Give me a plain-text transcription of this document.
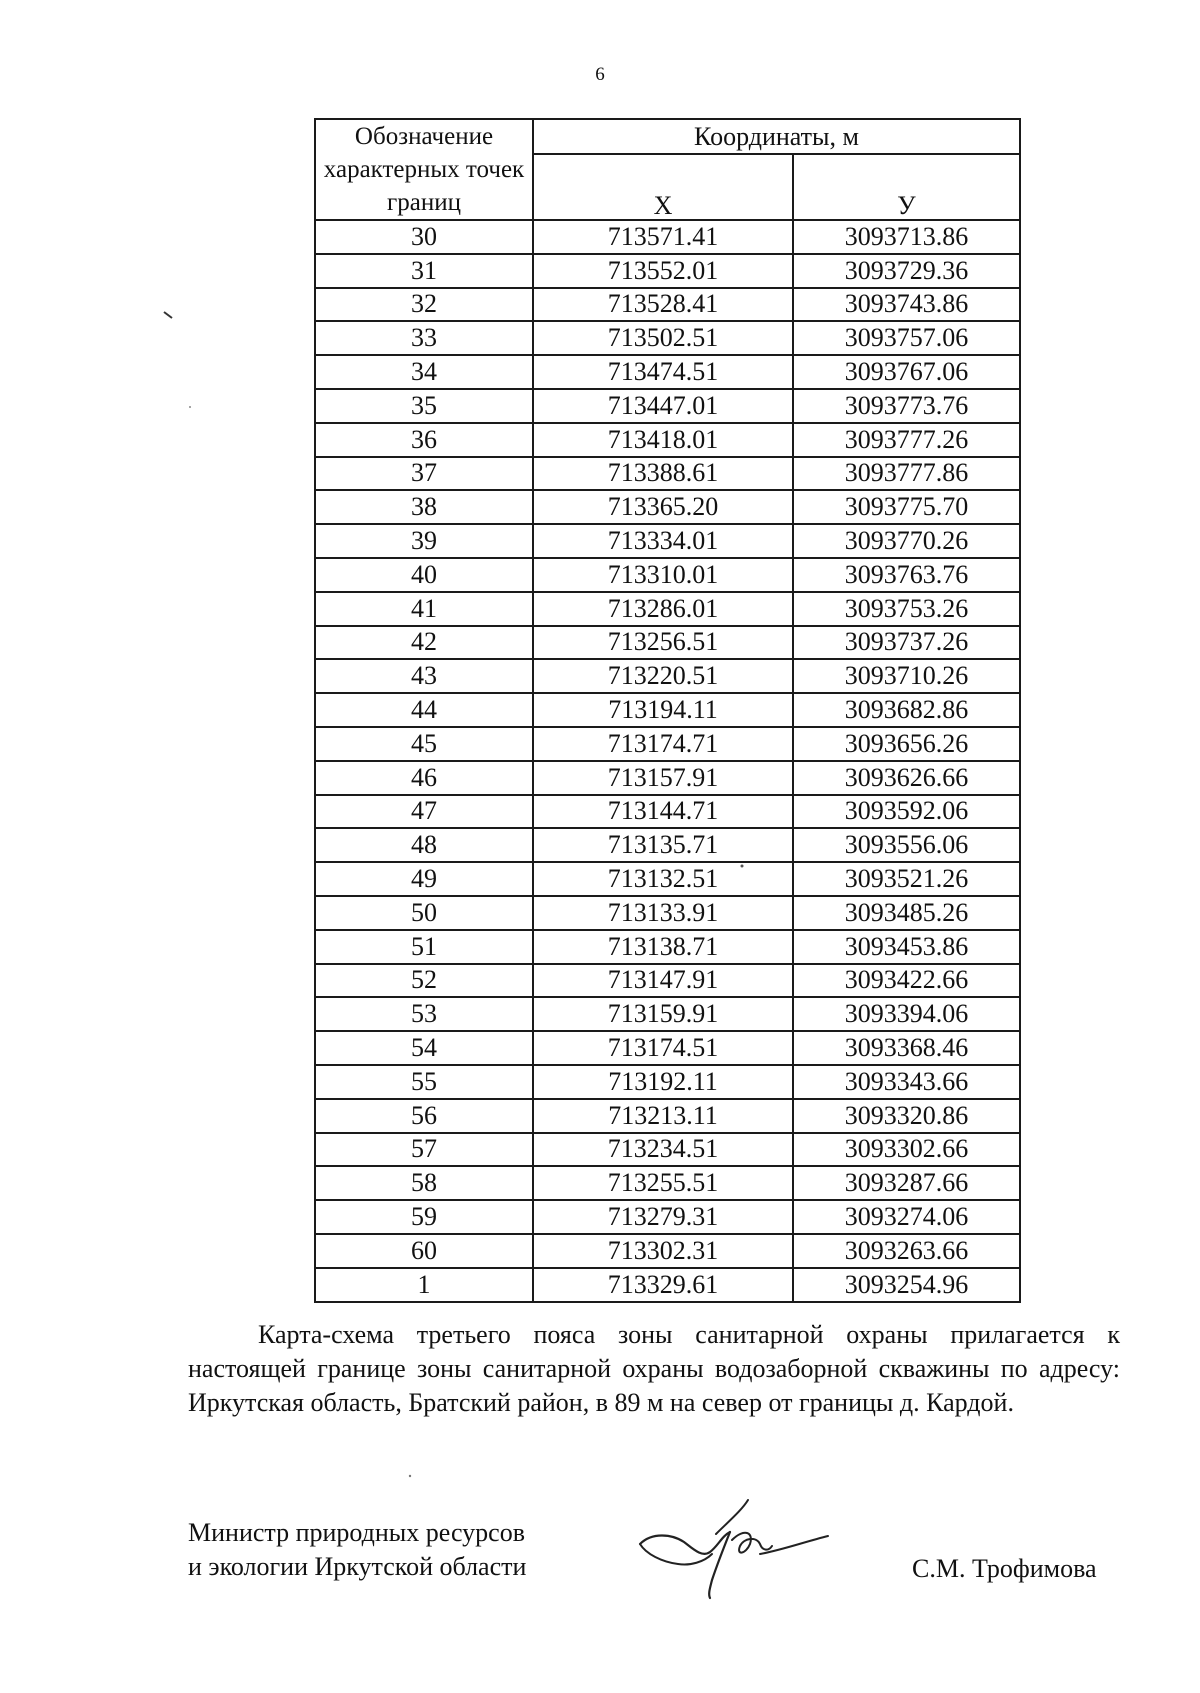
6
Обозначение характерных точек границ	Координаты, м	
	X	У
30	713571.41	3093713.86
31	713552.01	3093729.36
32	713528.41	3093743.86
33	713502.51	3093757.06
34	713474.51	3093767.06
35	713447.01	3093773.76
36	713418.01	3093777.26
37	713388.61	3093777.86
38	713365.20	3093775.70
39	713334.01	3093770.26
40	713310.01	3093763.76
41	713286.01	3093753.26
42	713256.51	3093737.26
43	713220.51	3093710.26
44	713194.11	3093682.86
45	713174.71	3093656.26
46	713157.91	3093626.66
47	713144.71	3093592.06
48	713135.71	3093556.06
49	713132.51	3093521.26
50	713133.91	3093485.26
51	713138.71	3093453.86
52	713147.91	3093422.66
53	713159.91	3093394.06
54	713174.51	3093368.46
55	713192.11	3093343.66
56	713213.11	3093320.86
57	713234.51	3093302.66
58	713255.51	3093287.66
59	713279.31	3093274.06
60	713302.31	3093263.66
1	713329.61	3093254.96
Карта-схема третьего пояса зоны санитарной охраны прилагается к настоящей границе зоны санитарной охраны водозаборной скважины по адресу: Иркутская область, Братский район, в 89 м на север от границы д. Кардой.
Министр природных ресурсов
и экологии Иркутской области	С.М. Трофимова
